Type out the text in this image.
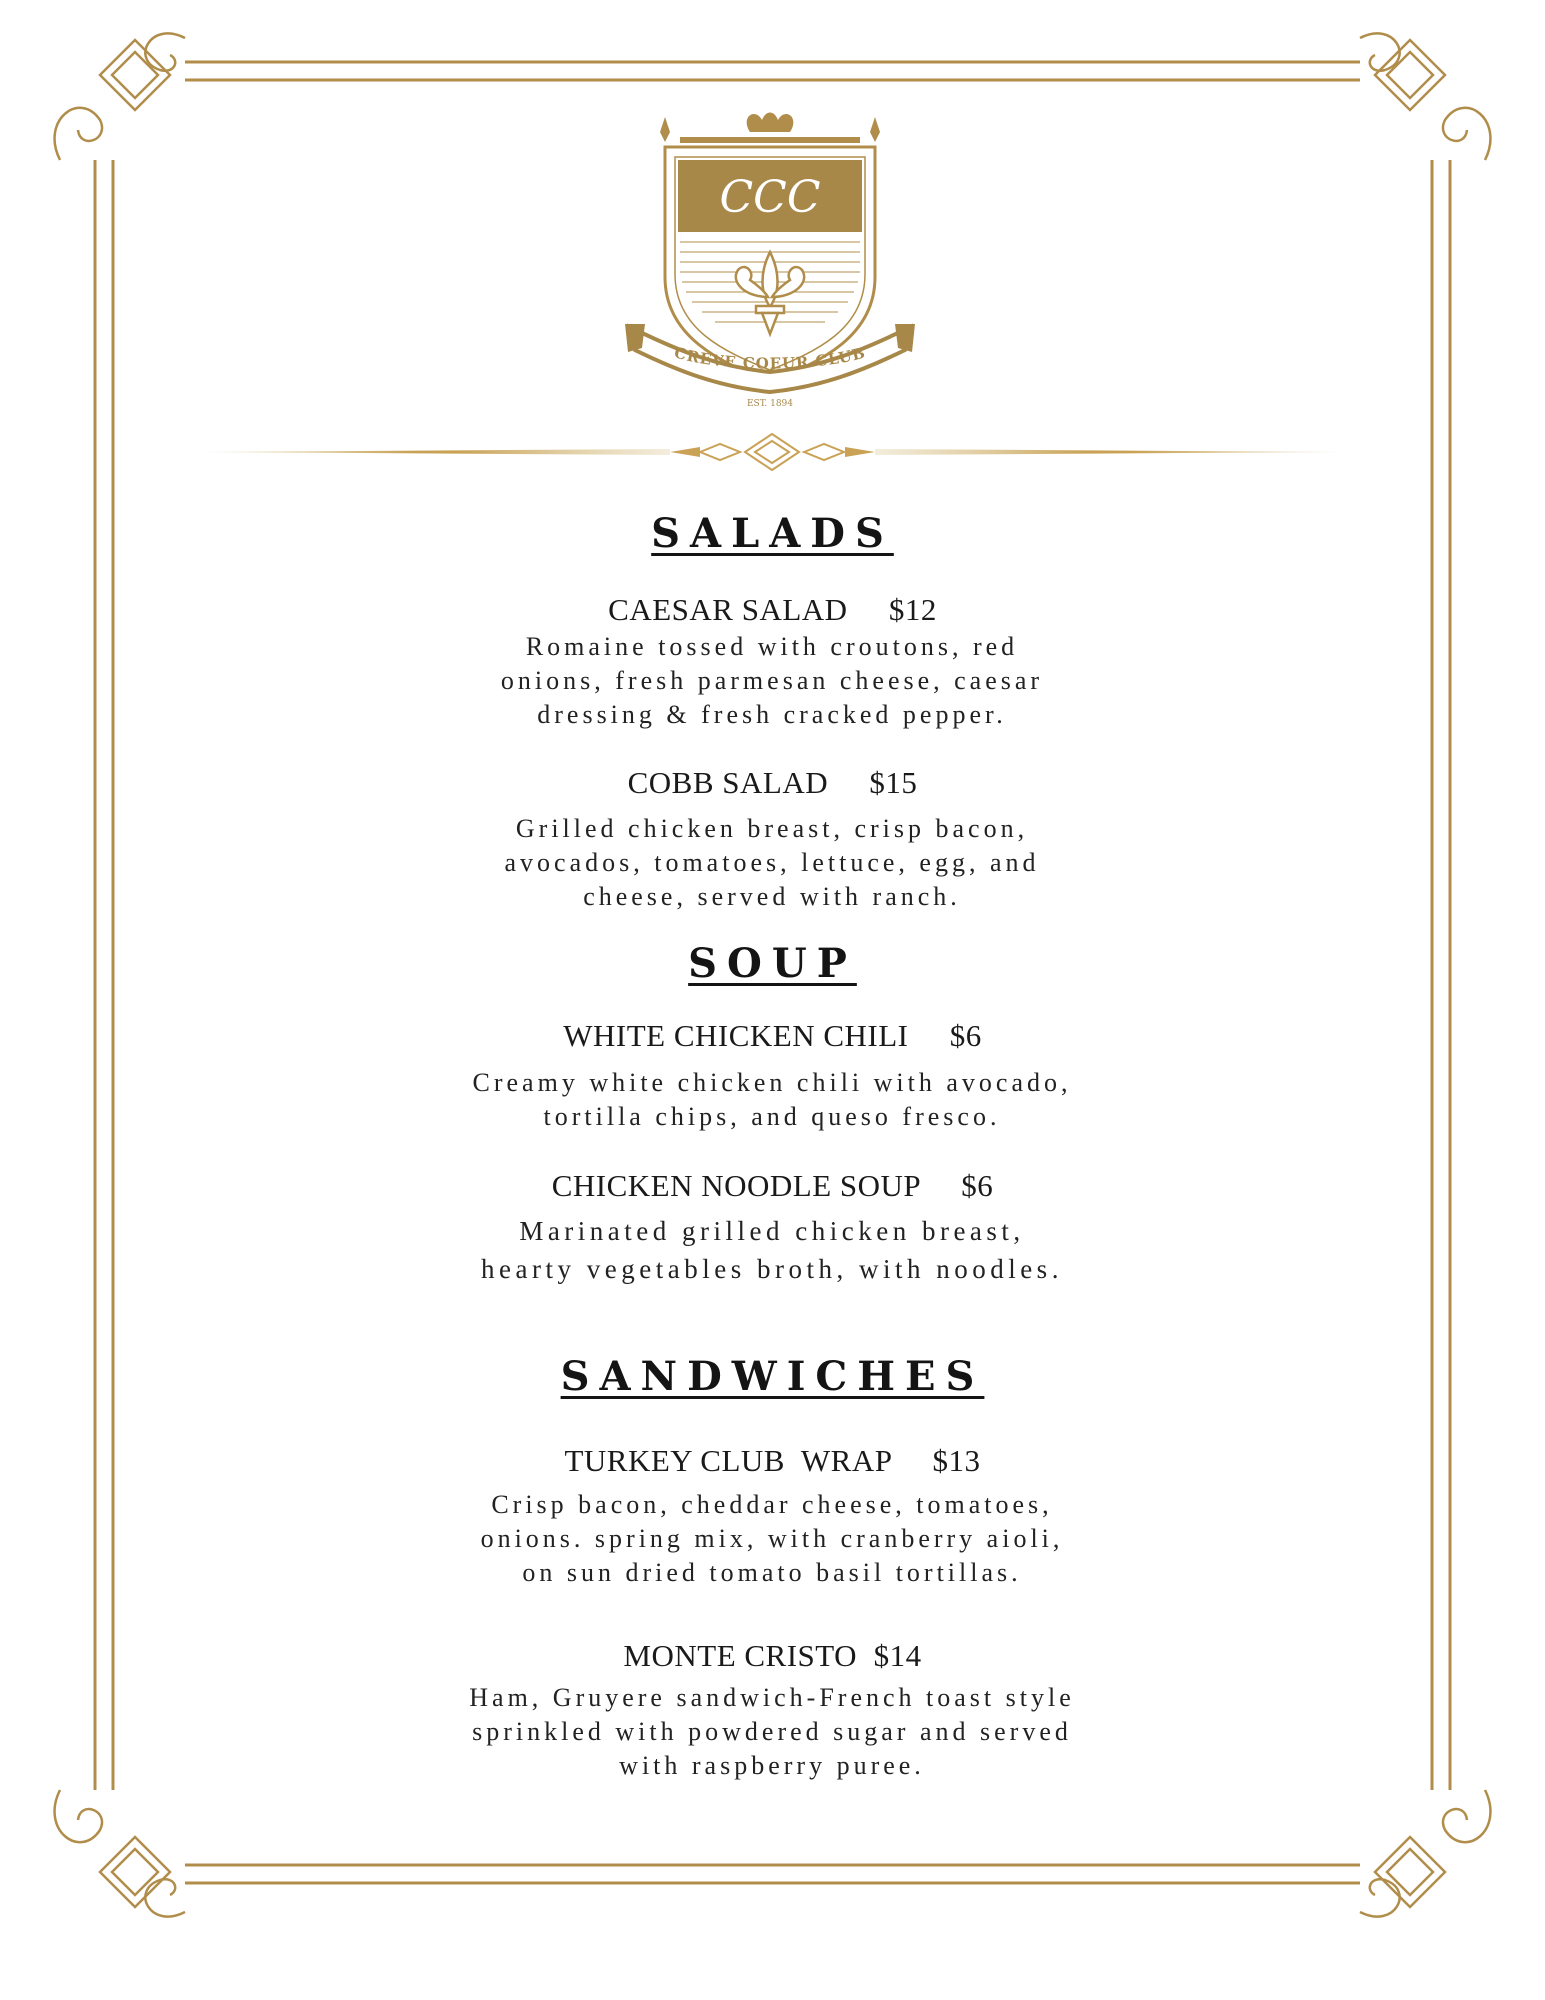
CCC
CREVE COEUR CLUB
EST. 1894
SALADS
CAESAR SALAD $12
Romaine tossed with croutons, red
onions, fresh parmesan cheese, caesar
dressing & fresh cracked pepper.
COBB SALAD $15
Grilled chicken breast, crisp bacon,
avocados, tomatoes, lettuce, egg, and
cheese, served with ranch.
SOUP
WHITE CHICKEN CHILI $6
Creamy white chicken chili with avocado,
tortilla chips, and queso fresco.
CHICKEN NOODLE SOUP $6
Marinated grilled chicken breast,
hearty vegetables broth, with noodles.
SANDWICHES
TURKEY CLUB  WRAP $13
Crisp bacon, cheddar cheese, tomatoes,
onions. spring mix, with cranberry aioli,
on sun dried tomato basil tortillas.
MONTE CRISTO $14
Ham, Gruyere sandwich-French toast style
sprinkled with powdered sugar and served
with raspberry puree.
